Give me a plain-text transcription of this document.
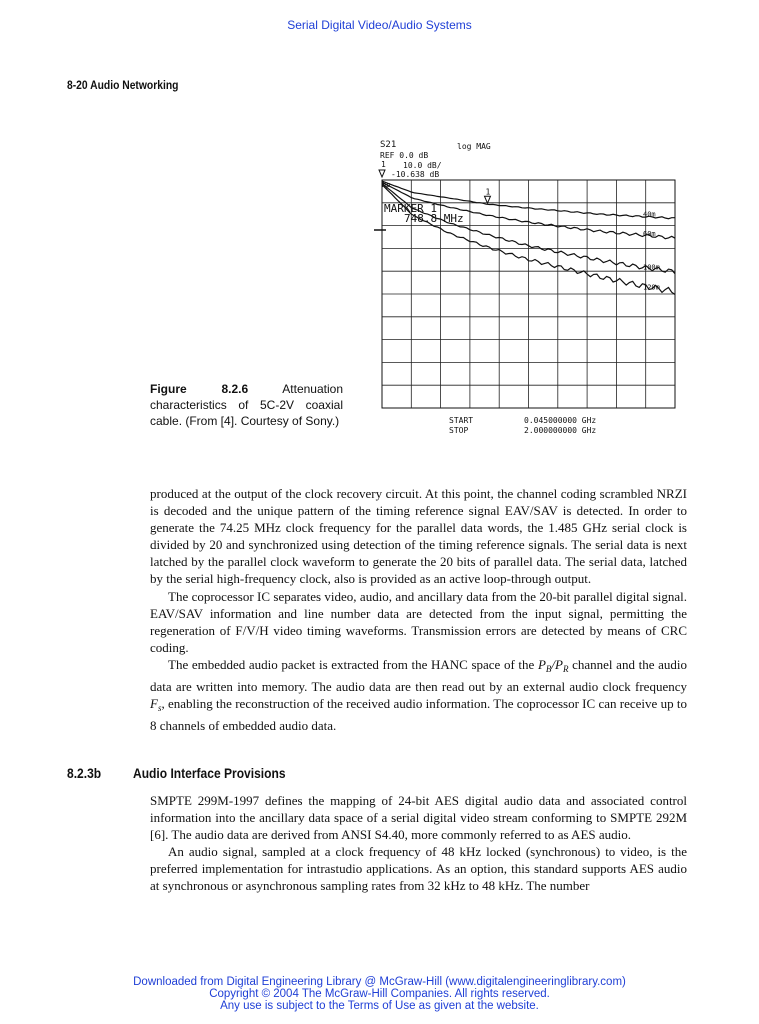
Serial Digital Video/Audio Systems
8-20 Audio Networking
S21	log MAG
REF 0.0 dB
10.0 dB/
-10.638 dB
1
hp
MARKER 1
748.8 MHz	40m
60m
100m
120m
1
START	0.045000000 GHz
STOP	2.000000000 GHz
Figure 8.2.6	Attenuation characteristics of 5C-2V coaxial cable. (From [4]. Courtesy of Sony.)

produced at the output of the clock recovery circuit. At this point, the channel coding scrambled NRZI is decoded and the unique pattern of the timing reference signal EAV/SAV is detected. In order to generate the 74.25 MHz clock frequency for the parallel data words, the 1.485 GHz serial clock is divided by 20 and synchronized using detection of the timing reference signals. The serial data is next latched by the parallel clock waveform to generate the 20 bits of parallel data. The serial data, latched by the serial high-frequency clock, also is provided as an active loop-through output.

The coprocessor IC separates video, audio, and ancillary data from the 20-bit parallel digital signal. EAV/SAV information and line number data are detected from the input signal, permitting the regeneration of F/V/H video timing waveforms. Transmission errors are detected by means of CRC coding.

The embedded audio packet is extracted from the HANC space of the $P_B/P_R$ channel and the audio data are written into memory. The audio data are then read out by an external audio clock frequency $F_s$, enabling the reconstruction of the received audio information. The coprocessor IC can receive up to 8 channels of embedded audio data.

8.2.3b Audio Interface Provisions

SMPTE 299M-1997 defines the mapping of 24-bit AES digital audio data and associated control information into the ancillary data space of a serial digital video stream conforming to SMPTE 292M [6]. The audio data are derived from ANSI S4.40, more commonly referred to as AES audio.

An audio signal, sampled at a clock frequency of 48 kHz locked (synchronous) to video, is the preferred implementation for intrastudio applications. As an option, this standard supports AES audio at synchronous or asynchronous sampling rates from 32 kHz to 48 kHz. The number

Downloaded from Digital Engineering Library @ McGraw-Hill (www.digitalengineeringlibrary.com)
Copyright © 2004 The McGraw-Hill Companies. All rights reserved.
Any use is subject to the Terms of Use as given at the website.
